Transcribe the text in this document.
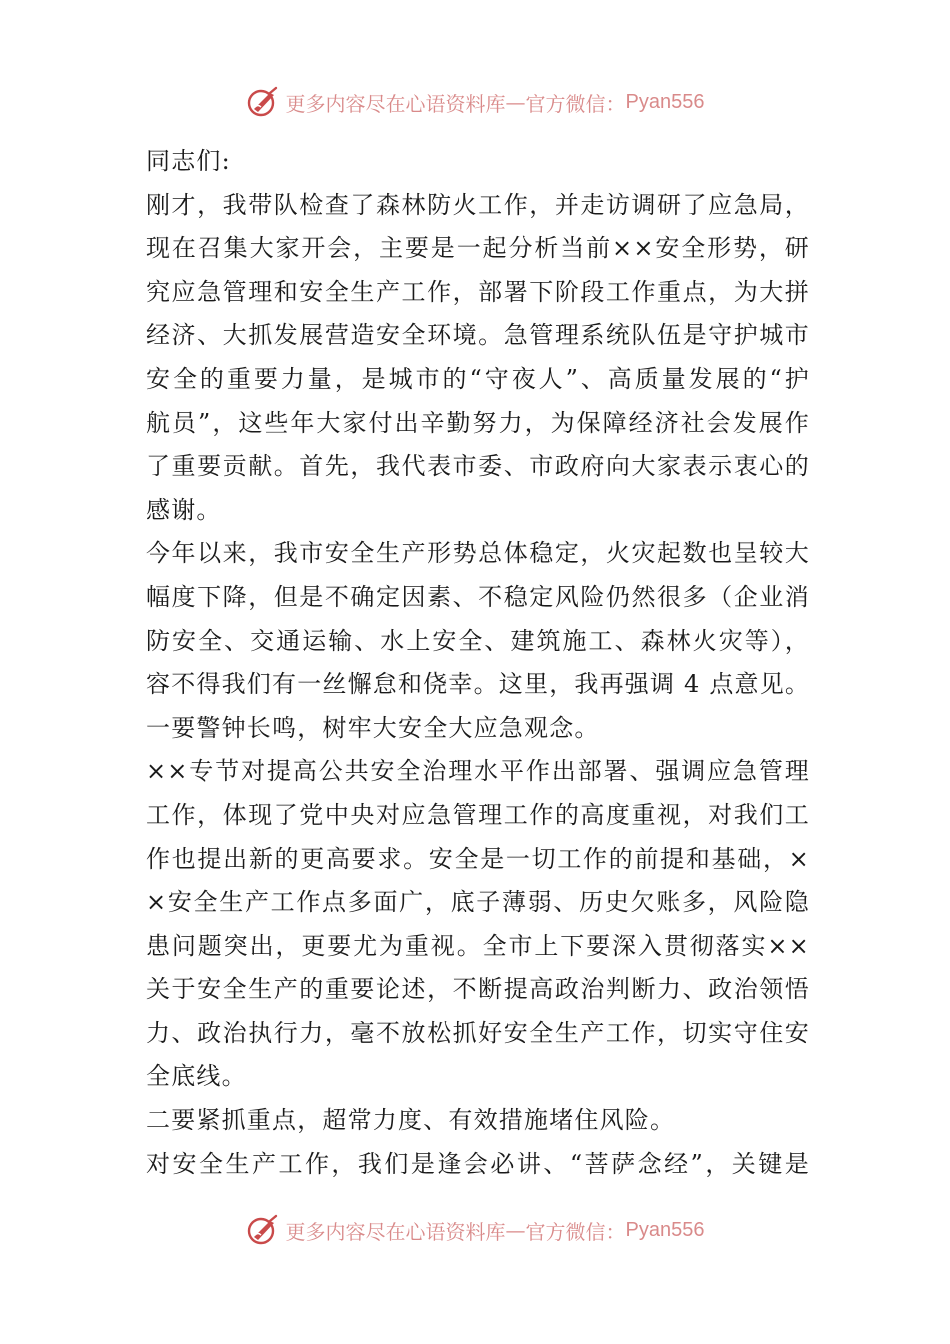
更多内容尽在心语资料库 — 官方微信： Pyan556
同志们:
刚才，我带队检查了森林防火工作，并走访调研了应急局，
现在召集大家开会，主要是一起分析当前××安全形势，研
究应急管理和安全生产工作，部署下阶段工作重点，为大拼
经济、大抓发展营造安全环境。急管理系统队伍是守护城市
安全的重要力量，是城市的“守夜人”、高质量发展的“护
航员”，这些年大家付出辛勤努力，为保障经济社会发展作
了重要贡献。首先，我代表市委、市政府向大家表示衷心的
感谢。
今年以来，我市安全生产形势总体稳定，火灾起数也呈较大
幅度下降，但是不确定因素、不稳定风险仍然很多（企业消
防安全、交通运输、水上安全、建筑施工、森林火灾等），
容不得我们有一丝懈怠和侥幸。这里，我再强调 4 点意见。
一要警钟长鸣，树牢大安全大应急观念。
××专节对提高公共安全治理水平作出部署、强调应急管理
工作，体现了党中央对应急管理工作的高度重视，对我们工
作也提出新的更高要求。安全是一切工作的前提和基础，×
×安全生产工作点多面广，底子薄弱、历史欠账多，风险隐
患问题突出，更要尤为重视。全市上下要深入贯彻落实××
关于安全生产的重要论述，不断提高政治判断力、政治领悟
力、政治执行力，毫不放松抓好安全生产工作，切实守住安
全底线。
二要紧抓重点，超常力度、有效措施堵住风险。
对安全生产工作，我们是逢会必讲、“菩萨念经”，关键是
更多内容尽在心语资料库 — 官方微信： Pyan556
